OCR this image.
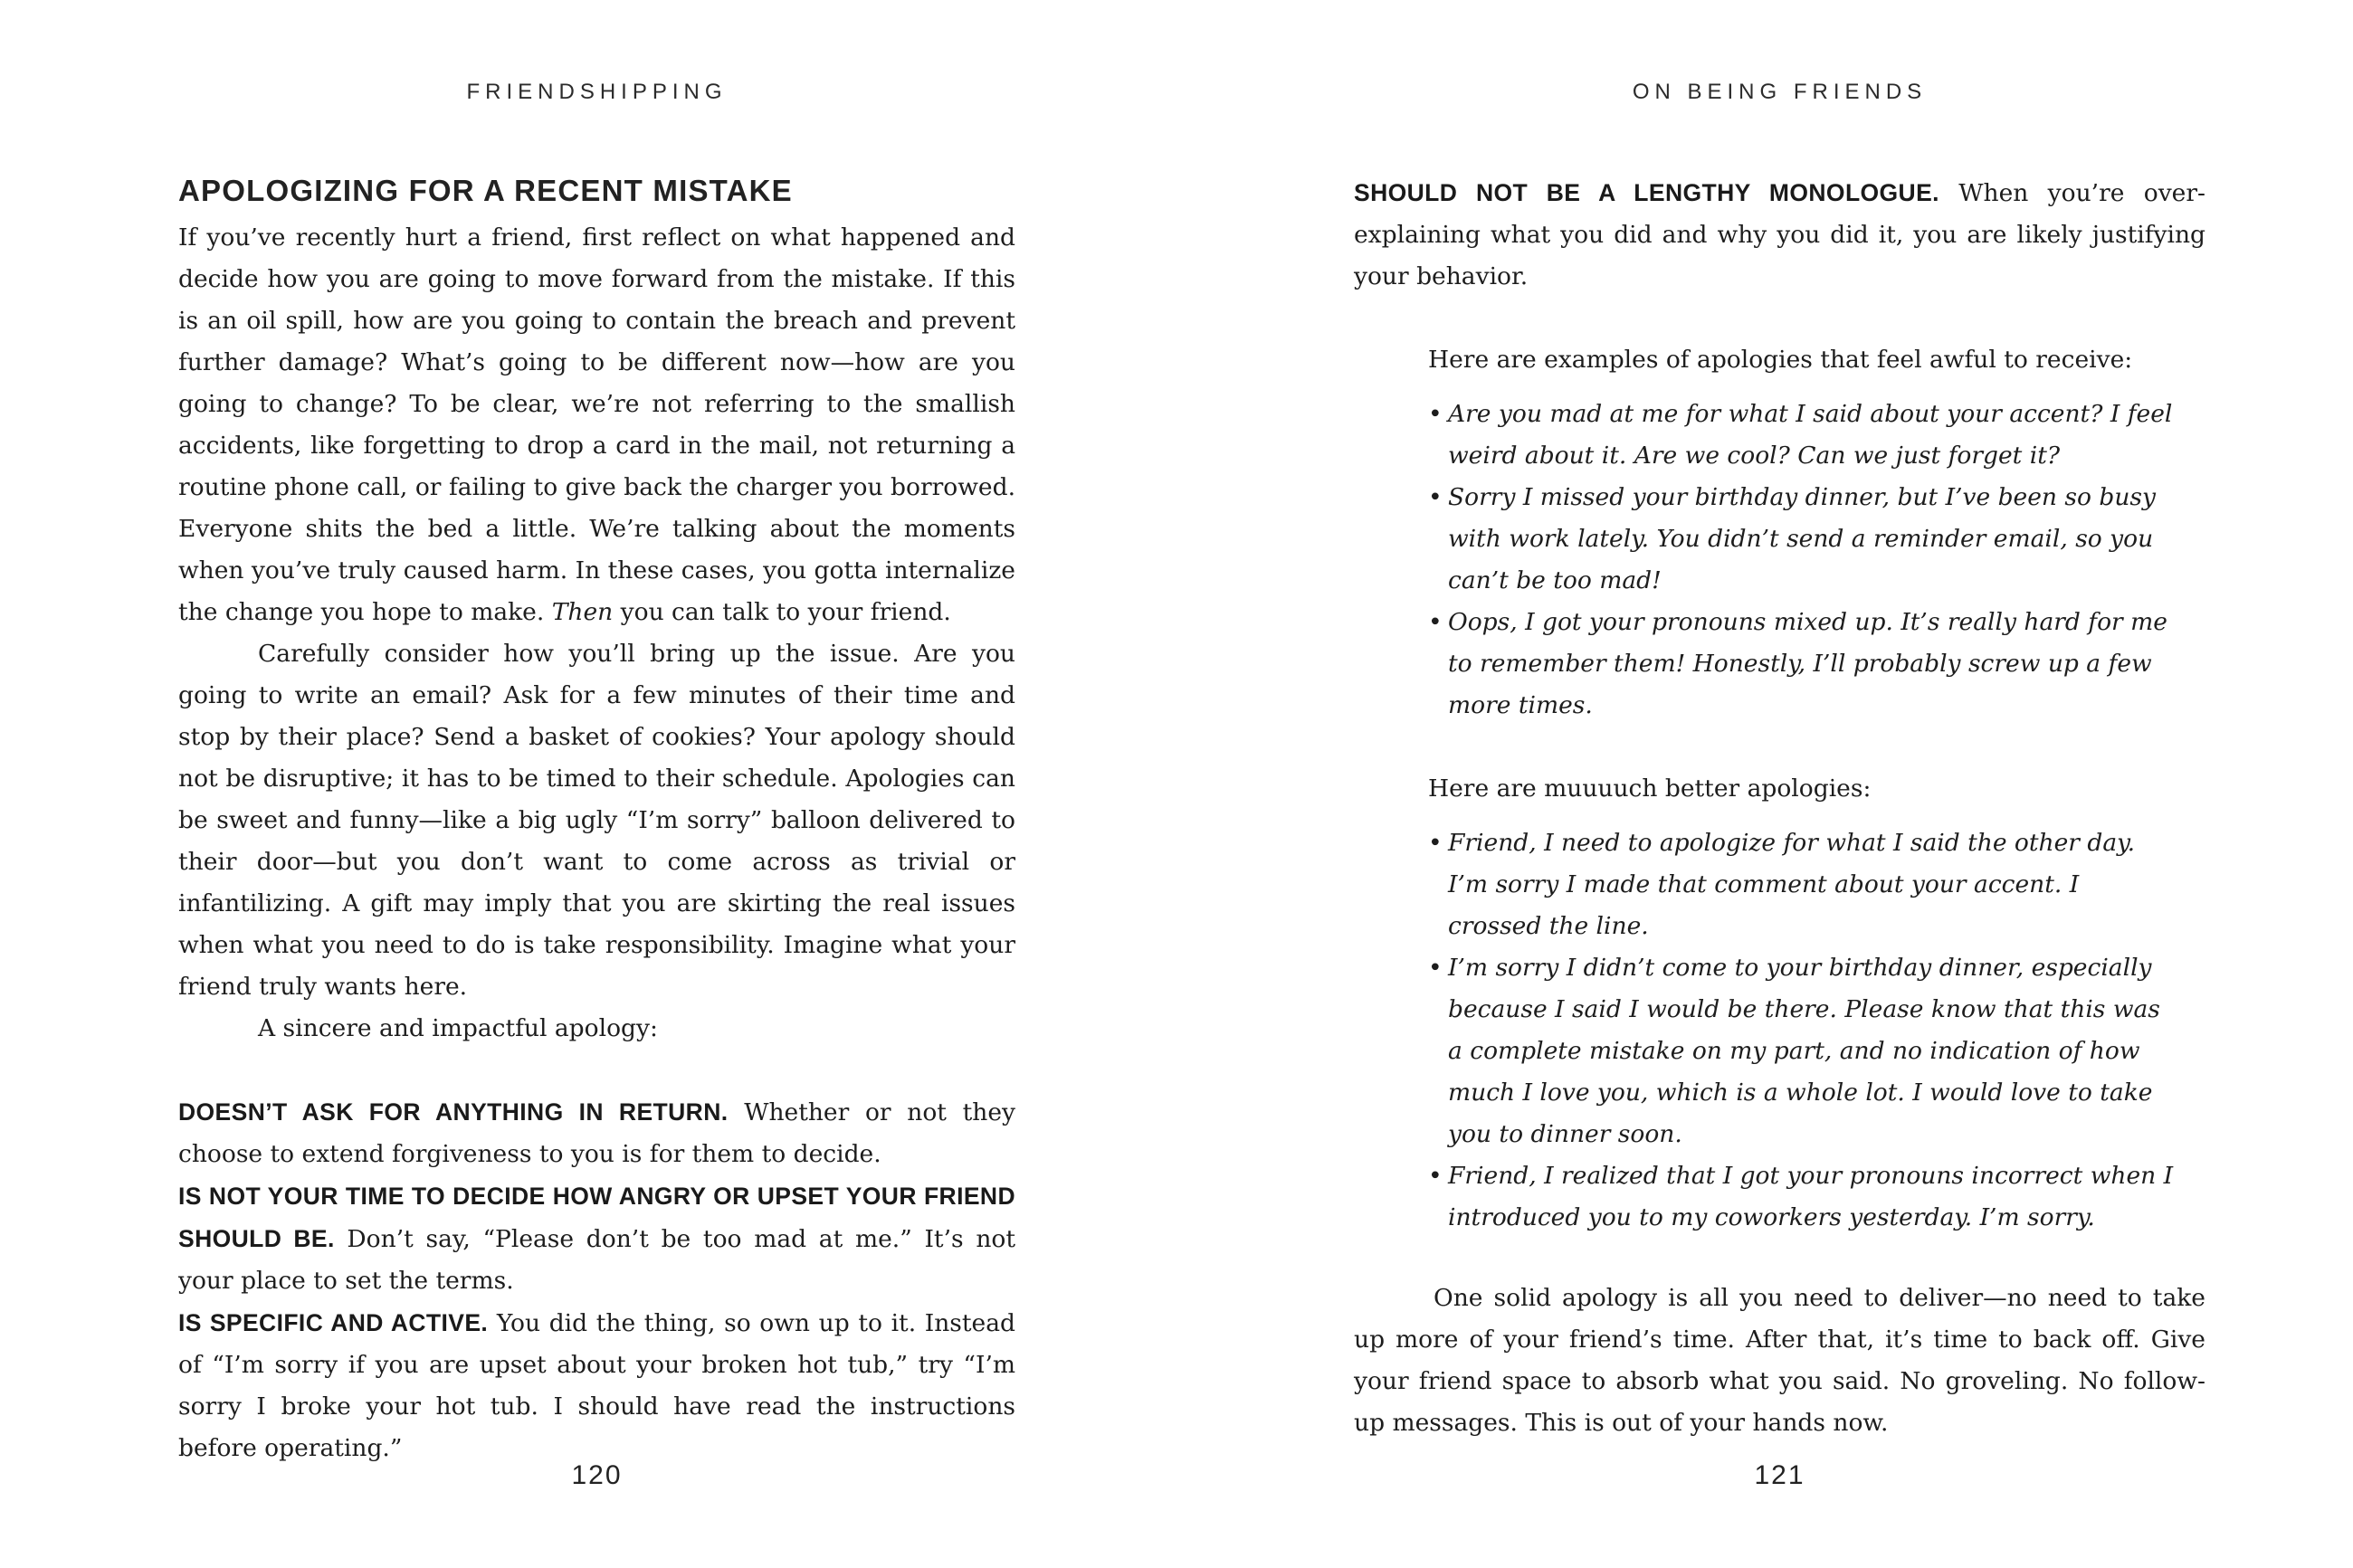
FRIENDSHIPPING
APOLOGIZING FOR A RECENT MISTAKE

If you’ve recently hurt a friend, first reflect on what happened and decide how you are going to move forward from the mistake. If this is an oil spill, how are you going to contain the breach and prevent further damage? What’s going to be different now—how are you going to change? To be clear, we’re not referring to the smallish accidents, like forgetting to drop a card in the mail, not returning a routine phone call, or failing to give back the charger you borrowed. Everyone shits the bed a little. We’re talking about the moments when you’ve truly caused harm. In these cases, you gotta internalize the change you hope to make. Then you can talk to your friend.

Carefully consider how you’ll bring up the issue. Are you going to write an email? Ask for a few minutes of their time and stop by their place? Send a basket of cookies? Your apology should not be disruptive; it has to be timed to their schedule. Apologies can be sweet and funny—like a big ugly “I’m sorry” balloon delivered to their door—but you don’t want to come across as trivial or infantilizing. A gift may imply that you are skirting the real issues when what you need to do is take responsibility. Imagine what your friend truly wants here.

A sincere and impactful apology:

DOESN’T ASK FOR ANYTHING IN RETURN. Whether or not they choose to extend forgiveness to you is for them to decide.

IS NOT YOUR TIME TO DECIDE HOW ANGRY OR UPSET YOUR FRIEND SHOULD BE. Don’t say, “Please don’t be too mad at me.” It’s not your place to set the terms.

IS SPECIFIC AND ACTIVE. You did the thing, so own up to it. Instead of “I’m sorry if you are upset about your broken hot tub,” try “I’m sorry I broke your hot tub. I should have read the instructions before operating.”

120
ON BEING FRIENDS

SHOULD NOT BE A LENGTHY MONOLOGUE. When you’re over-explaining what you did and why you did it, you are likely justifying your behavior.

Here are examples of apologies that feel awful to receive:

• Are you mad at me for what I said about your accent? I feel weird about it. Are we cool? Can we just forget it?
• Sorry I missed your birthday dinner, but I’ve been so busy with work lately. You didn’t send a reminder email, so you can’t be too mad!
• Oops, I got your pronouns mixed up. It’s really hard for me to remember them! Honestly, I’ll probably screw up a few more times.

Here are muuuuch better apologies:

• Friend, I need to apologize for what I said the other day. I’m sorry I made that comment about your accent. I crossed the line.
• I’m sorry I didn’t come to your birthday dinner, especially because I said I would be there. Please know that this was a complete mistake on my part, and no indication of how much I love you, which is a whole lot. I would love to take you to dinner soon.
• Friend, I realized that I got your pronouns incorrect when I introduced you to my coworkers yesterday. I’m sorry.

One solid apology is all you need to deliver—no need to take up more of your friend’s time. After that, it’s time to back off. Give your friend space to absorb what you said. No groveling. No follow-up messages. This is out of your hands now.

121
